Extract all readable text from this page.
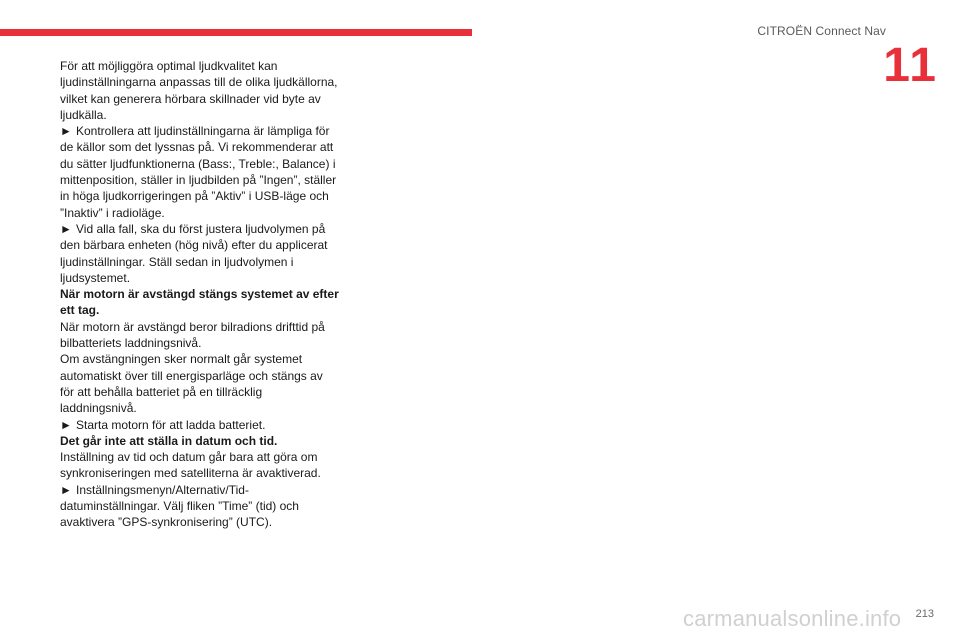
CITROËN Connect Nav
11

För att möjliggöra optimal ljudkvalitet kan ljudinställningarna anpassas till de olika ljudkällorna, vilket kan generera hörbara skillnader vid byte av ljudkälla.

► Kontrollera att ljudinställningarna är lämpliga för de källor som det lyssnas på. Vi rekommenderar att du sätter ljudfunktionerna (Bass:, Treble:, Balance) i mittenposition, ställer in ljudbilden på ”Ingen”, ställer in höga ljudkorrigeringen på ”Aktiv” i USB-läge och ”Inaktiv” i radioläge.

► Vid alla fall, ska du först justera ljudvolymen på den bärbara enheten (hög nivå) efter du applicerat ljudinställningar. Ställ sedan in ljudvolymen i ljudsystemet.

När motorn är avstängd stängs systemet av efter ett tag.

När motorn är avstängd beror bilradions drifttid på bilbatteriets laddningsnivå.

Om avstängningen sker normalt går systemet automatiskt över till energisparläge och stängs av för att behålla batteriet på en tillräcklig laddningsnivå.

► Starta motorn för att ladda batteriet.

Det går inte att ställa in datum och tid.

Inställning av tid och datum går bara att göra om synkroniseringen med satelliterna är avaktiverad.

► Inställningsmenyn/Alternativ/Tid-datuminställningar. Välj fliken ”Time” (tid) och avaktivera ”GPS-synkronisering” (UTC).

carmanualsonline.info 213
